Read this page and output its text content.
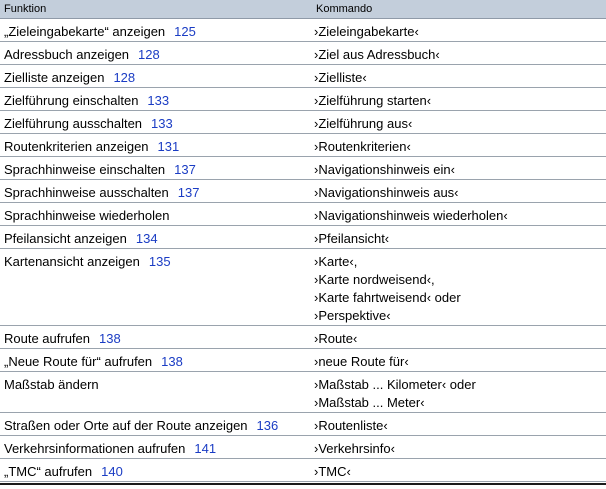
Funktion	Kommando
„Zieleingabekarte“ anzeigen 125	›Zieleingabekarte‹

Adressbuch anzeigen 128	›Ziel aus Adressbuch‹

Zielliste anzeigen 128	›Zielliste‹

Zielführung einschalten 133	›Zielführung starten‹

Zielführung ausschalten 133	›Zielführung aus‹

Routenkriterien anzeigen 131	›Routenkriterien‹

Sprachhinweise einschalten 137	›Navigationshinweis ein‹

Sprachhinweise ausschalten 137	›Navigationshinweis aus‹

Sprachhinweise wiederholen	›Navigationshinweis wiederholen‹

Pfeilansicht anzeigen 134	›Pfeilansicht‹

Kartenansicht anzeigen 135	›Karte‹,
›Karte nordweisend‹,
›Karte fahrtweisend‹ oder
›Perspektive‹

Route aufrufen 138	›Route‹

„Neue Route für“ aufrufen 138	›neue Route für‹

Maßstab ändern	›Maßstab ... Kilometer‹ oder
›Maßstab ... Meter‹

Straßen oder Orte auf der Route anzeigen 136	›Routenliste‹

Verkehrsinformationen aufrufen 141	›Verkehrsinfo‹

„TMC“ aufrufen 140	›TMC‹
